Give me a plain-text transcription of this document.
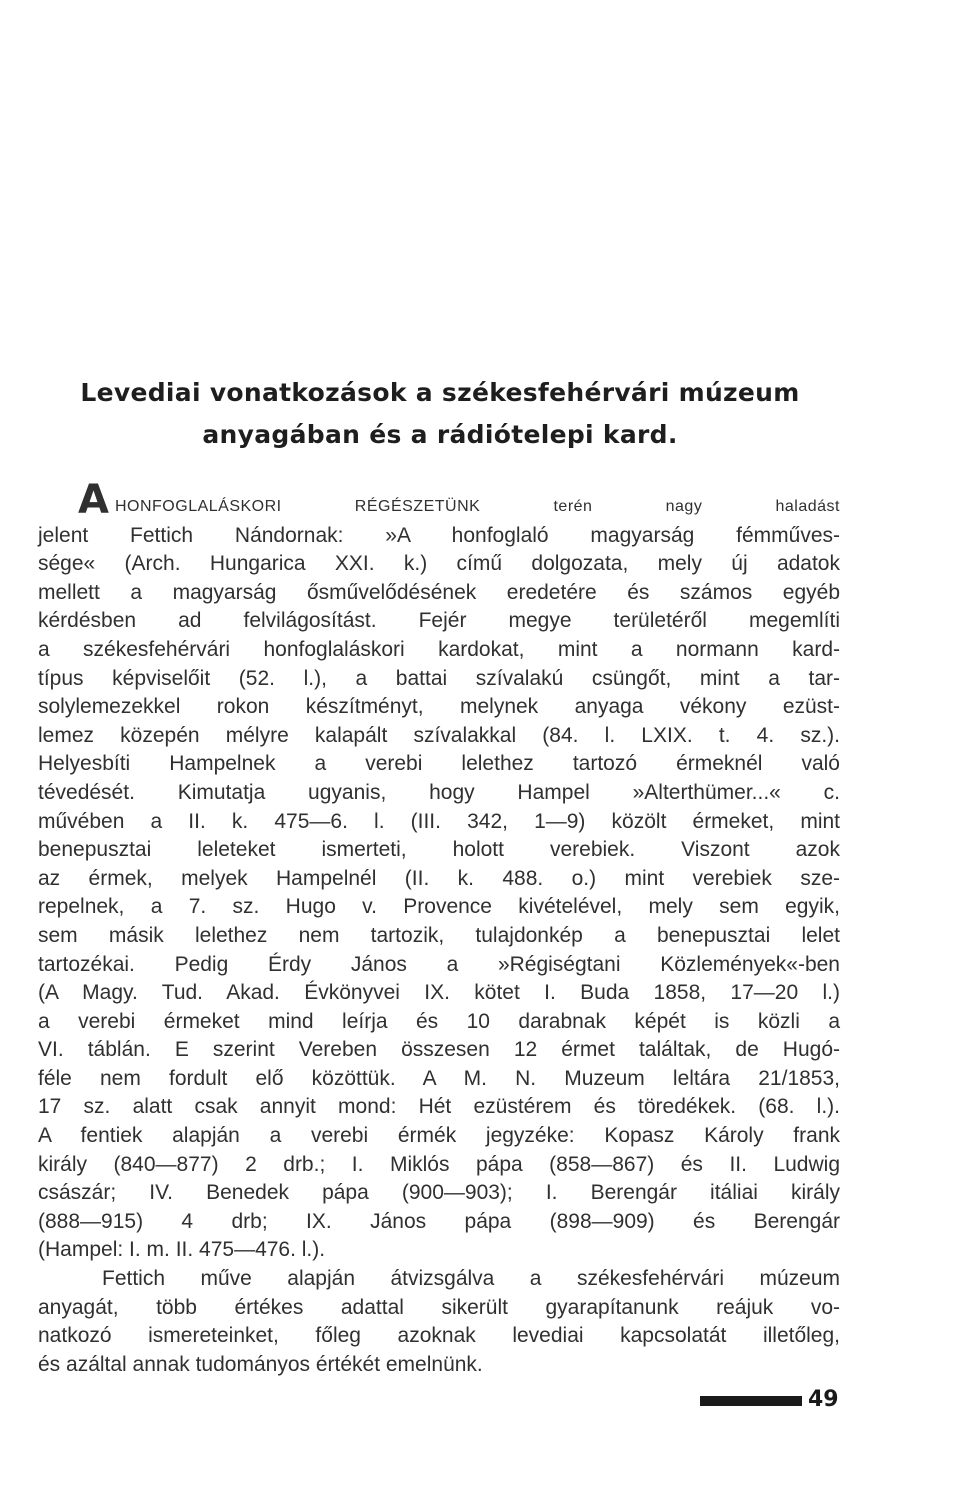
Levediai vonatkozások a székesfehérvári múzeum
anyagában és a rádiótelepi kard.
AHONFOGLALÁSKORI RÉGÉSZETÜNK terén nagy haladást
jelent Fettich Nándornak: »A honfoglaló magyarság fémműves-
sége« (Arch. Hungarica XXI. k.) című dolgozata, mely új adatok
mellett a magyarság ősművelődésének eredetére és számos egyéb
kérdésben ad felvilágosítást. Fejér megye területéről megemlíti
a székesfehérvári honfoglaláskori kardokat, mint a normann kard-
típus képviselőit (52. l.), a battai szívalakú csüngőt, mint a tar-
solylemezekkel rokon készítményt, melynek anyaga vékony ezüst-
lemez közepén mélyre kalapált szívalakkal (84. l. LXIX. t. 4. sz.).
Helyesbíti Hampelnek a verebi lelethez tartozó érmeknél való
tévedését. Kimutatja ugyanis, hogy Hampel »Alterthümer...« c.
művében a II. k. 475—6. l. (III. 342, 1—9) közölt érmeket, mint
benepusztai leleteket ismerteti, holott verebiek. Viszont azok
az érmek, melyek Hampelnél (II. k. 488. o.) mint verebiek sze-
repelnek, a 7. sz. Hugo v. Provence kivételével, mely sem egyik,
sem másik lelethez nem tartozik, tulajdonkép a benepusztai lelet
tartozékai. Pedig Érdy János a »Régiségtani Közlemények«-ben
(A Magy. Tud. Akad. Évkönyvei IX. kötet I. Buda 1858, 17—20 l.)
a verebi érmeket mind leírja és 10 darabnak képét is közli a
VI. táblán. E szerint Vereben összesen 12 érmet találtak, de Hugó-
féle nem fordult elő közöttük. A M. N. Muzeum leltára 21/1853,
17 sz. alatt csak annyit mond: Hét ezüstérem és töredékek. (68. l.).
A fentiek alapján a verebi érmék jegyzéke: Kopasz Károly frank
király (840—877) 2 drb.; I. Miklós pápa (858—867) és II. Ludwig
császár; IV. Benedek pápa (900—903); I. Berengár itáliai király
(888—915) 4 drb; IX. János pápa (898—909) és Berengár
(Hampel: I. m. II. 475—476. l.).
Fettich műve alapján átvizsgálva a székesfehérvári múzeum
anyagát, több értékes adattal sikerült gyarapítanunk reájuk vo-
natkozó ismereteinket, főleg azoknak levediai kapcsolatát illetőleg,
és azáltal annak tudományos értékét emelnünk.
49
